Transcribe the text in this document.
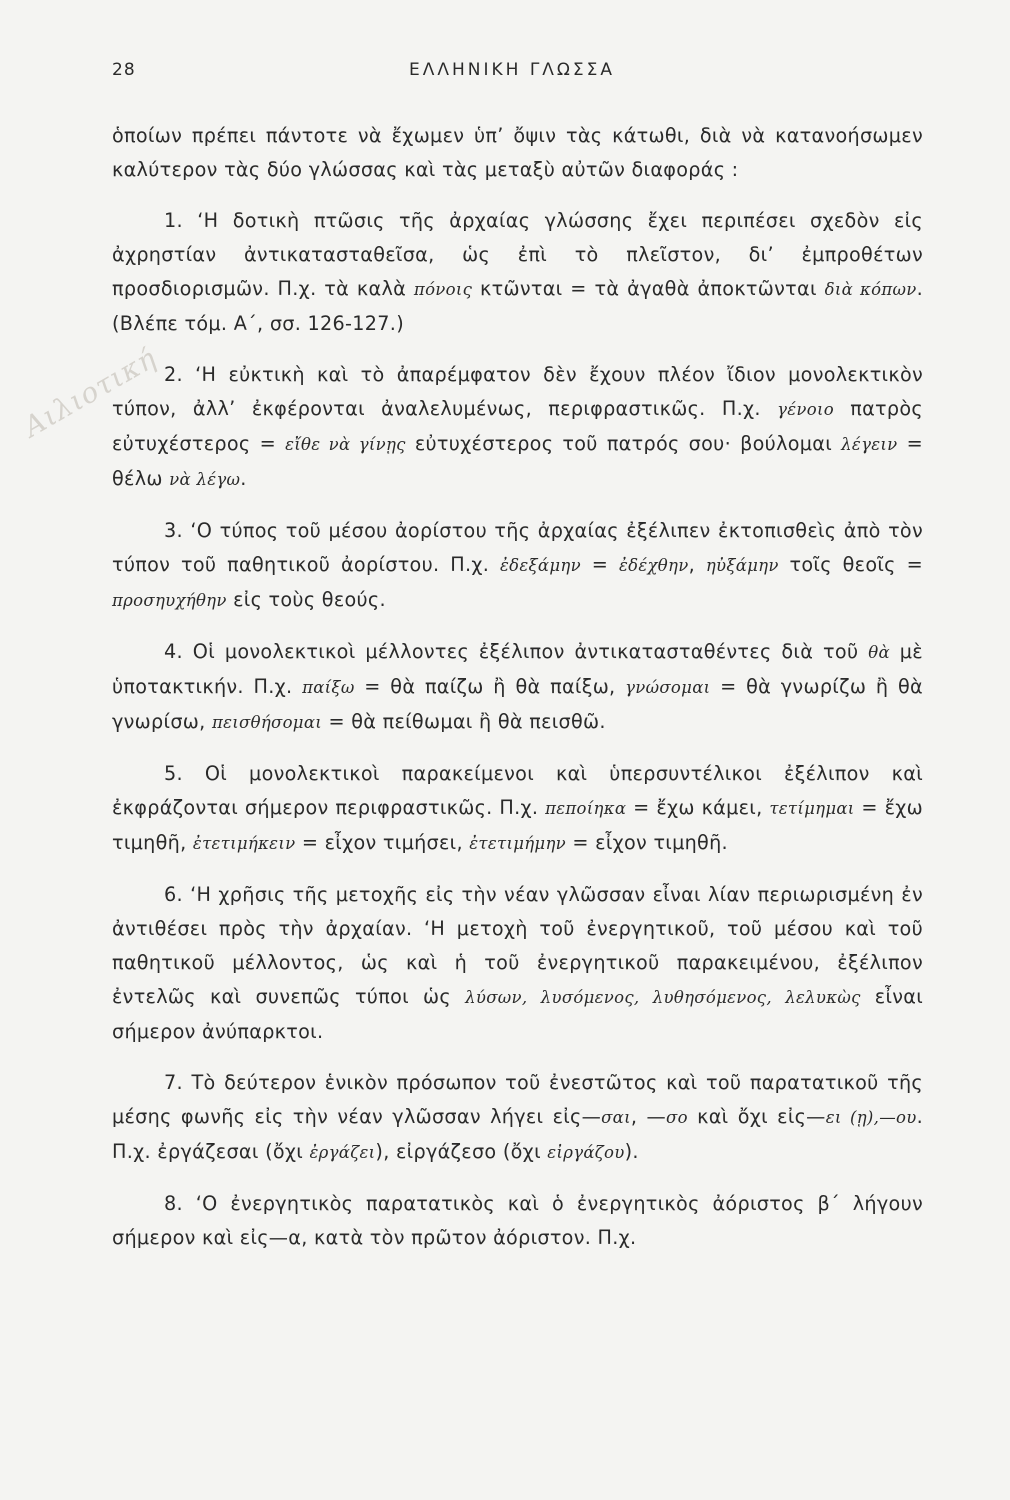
28	ΕΛΛΗΝΙΚΗ ΓΛΩΣΣΑ
Αιλιοτική

ὁποίων πρέπει πάντοτε νὰ ἔχωμεν ὑπ’ ὄψιν τὰς κάτωθι, διὰ νὰ κατανοήσωμεν καλύτερον τὰς δύο γλώσσας καὶ τὰς μεταξὺ αὐτῶν διαφοράς :

1. ‘Η δοτικὴ πτῶσις τῆς ἀρχαίας γλώσσης ἔχει περιπέσει σχεδὸν εἰς ἀχρηστίαν ἀντικατασταθεῖσα, ὡς ἐπὶ τὸ πλεῖστον, δι’ ἐμπροθέτων προσδιορισμῶν. Π.χ. τὰ καλὰ πόνοις κτῶνται = τὰ ἀγαθὰ ἀποκτῶνται διὰ κόπων. (Βλέπε τόμ. Α΄, σσ. 126-127.)

2. ‘Η εὐκτικὴ καὶ τὸ ἀπαρέμφατον δὲν ἔχουν πλέον ἴδιον μονολεκτικὸν τύπον, ἀλλ’ ἐκφέρονται ἀναλελυμένως, περιφραστικῶς. Π.χ. γένοιο πατρὸς εὐτυχέστερος = εἴθε νὰ γίνῃς εὐτυχέστερος τοῦ πατρός σου· βούλομαι λέγειν = θέλω νὰ λέγω.

3. ‘Ο τύπος τοῦ μέσου ἀορίστου τῆς ἀρχαίας ἐξέλιπεν ἐκτοπισθεὶς ἀπὸ τὸν τύπον τοῦ παθητικοῦ ἀορίστου. Π.χ. ἐδεξάμην = ἐδέχθην, ηὐξάμην τοῖς θεοῖς = προσηυχήθην εἰς τοὺς θεούς.

4. Οἱ μονολεκτικοὶ μέλλοντες ἐξέλιπον ἀντικατασταθέντες διὰ τοῦ θὰ μὲ ὑποτακτικήν. Π.χ. παίξω = θὰ παίζω ἢ θὰ παίξω, γνώσομαι = θὰ γνωρίζω ἢ θὰ γνωρίσω, πεισθήσομαι = θὰ πείθωμαι ἢ θὰ πεισθῶ.

5. Οἱ μονολεκτικοὶ παρακείμενοι καὶ ὑπερσυντέλικοι ἐξέλιπον καὶ ἐκφράζονται σήμερον περιφραστικῶς. Π.χ. πεποίηκα = ἔχω κάμει, τετίμημαι = ἔχω τιμηθῆ, ἐτετιμήκειν = εἶχον τιμήσει, ἐτετιμήμην = εἶχον τιμηθῆ.

6. ‘Η χρῆσις τῆς μετοχῆς εἰς τὴν νέαν γλῶσσαν εἶναι λίαν περιωρισμένη ἐν ἀντιθέσει πρὸς τὴν ἀρχαίαν. ‘Η μετοχὴ τοῦ ἐνεργητικοῦ, τοῦ μέσου καὶ τοῦ παθητικοῦ μέλλοντος, ὡς καὶ ἡ τοῦ ἐνεργητικοῦ παρακειμένου, ἐξέλιπον ἐντελῶς καὶ συνεπῶς τύποι ὡς λύσων, λυσόμενος, λυθησόμενος, λελυκὼς εἶναι σήμερον ἀνύπαρκτοι.

7. Τὸ δεύτερον ἑνικὸν πρόσωπον τοῦ ἐνεστῶτος καὶ τοῦ παρατατικοῦ τῆς μέσης φωνῆς εἰς τὴν νέαν γλῶσσαν λήγει εἰς—σαι, —σο καὶ ὄχι εἰς—ει (ῃ),—ου. Π.χ. ἐργάζεσαι (ὄχι ἐργάζει), εἰργάζεσο (ὄχι εἰργάζου).

8. ‘Ο ἐνεργητικὸς παρατατικὸς καὶ ὁ ἐνεργητικὸς ἀόριστος β΄ λήγουν σήμερον καὶ εἰς—α, κατὰ τὸν πρῶτον ἀόριστον. Π.χ.
